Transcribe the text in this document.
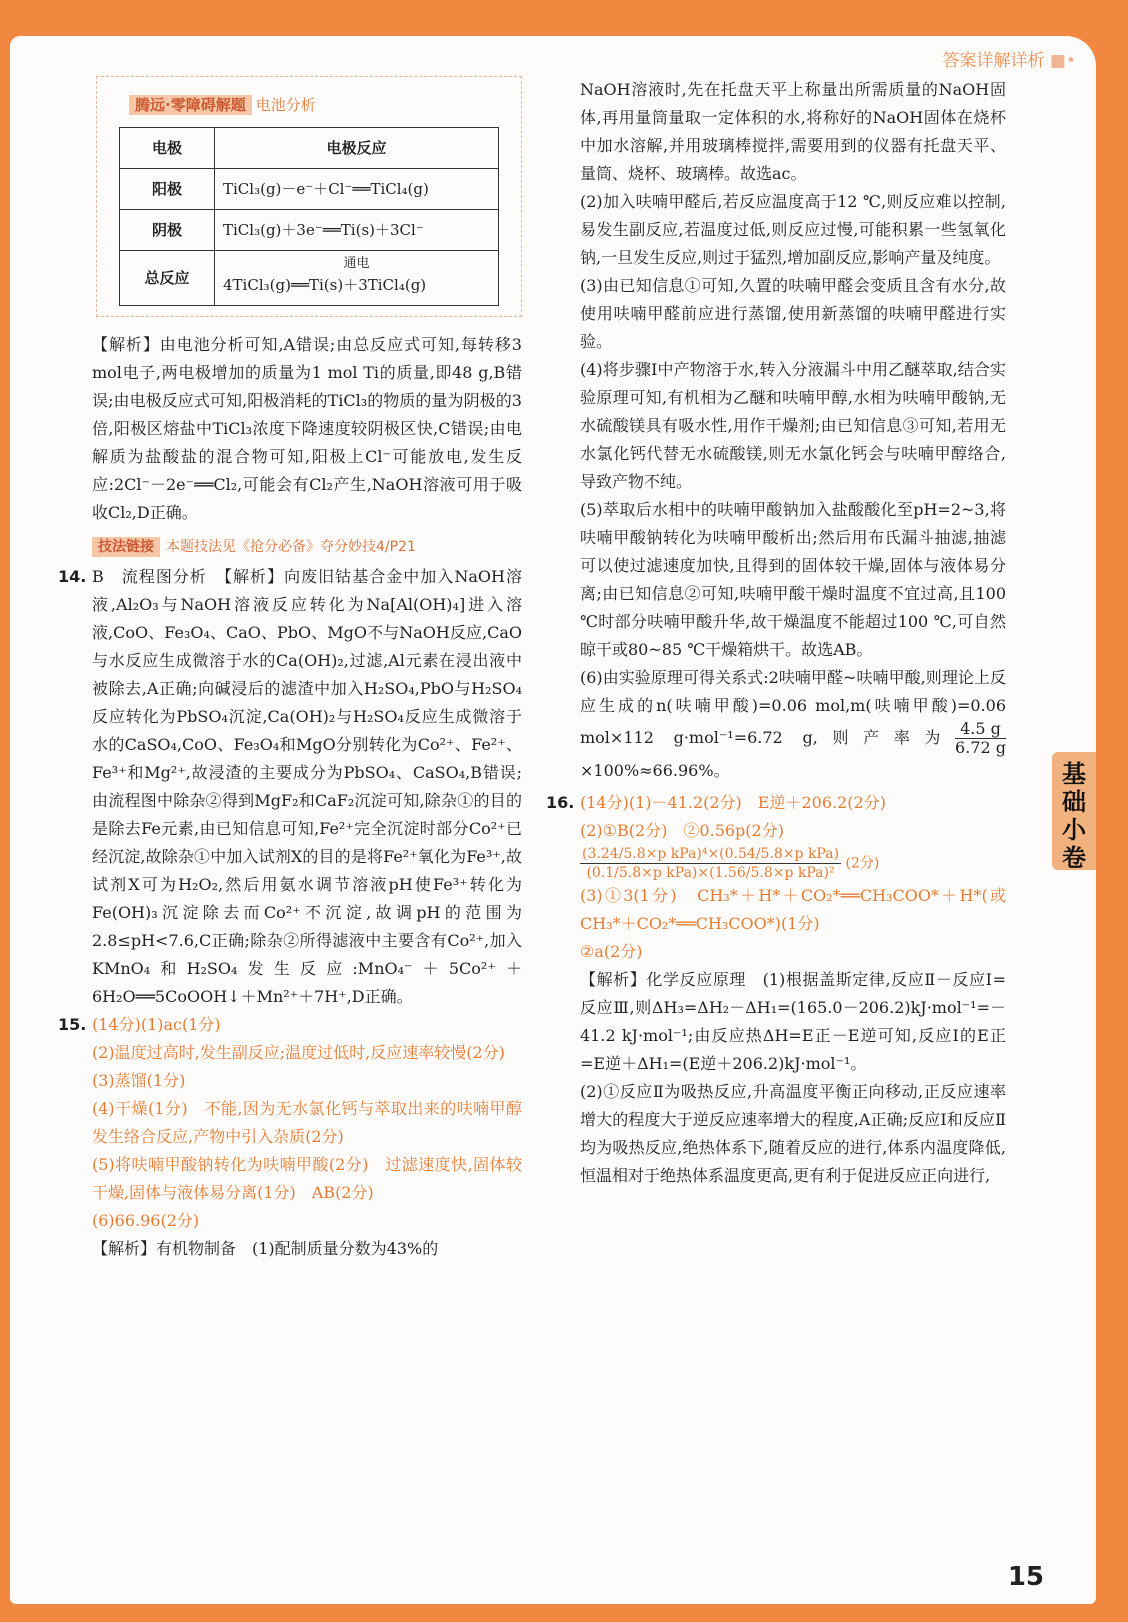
答案详解详析 ■•
基础小卷
腾远·零障碍解题 电池分析
电极	电极反应
阳极	TiCl₃(g)－e⁻＋Cl⁻══TiCl₄(g)
阴极	TiCl₃(g)＋3e⁻══Ti(s)＋3Cl⁻
总反应	通电
4TiCl₃(g)══Ti(s)＋3TiCl₄(g)

【解析】由电池分析可知,A错误;由总反应式可知,每转移3 mol电子,两电极增加的质量为1 mol Ti的质量,即48 g,B错误;由电极反应式可知,阳极消耗的TiCl₃的物质的量为阴极的3倍,阳极区熔盐中TiCl₃浓度下降速度较阴极区快,C错误;由电解质为盐酸盐的混合物可知,阳极上Cl⁻可能放电,发生反应:2Cl⁻－2e⁻══Cl₂,可能会有Cl₂产生,NaOH溶液可用于吸收Cl₂,D正确。

技法链接 本题技法见《抢分必备》夺分妙技4/P21

14. B　流程图分析　【解析】向废旧钴基合金中加入NaOH溶液,Al₂O₃与NaOH溶液反应转化为Na[Al(OH)₄]进入溶液,CoO、Fe₃O₄、CaO、PbO、MgO不与NaOH反应,CaO与水反应生成微溶于水的Ca(OH)₂,过滤,Al元素在浸出液中被除去,A正确;向碱浸后的滤渣中加入H₂SO₄,PbO与H₂SO₄反应转化为PbSO₄沉淀,Ca(OH)₂与H₂SO₄反应生成微溶于水的CaSO₄,CoO、Fe₃O₄和MgO分别转化为Co²⁺、Fe²⁺、Fe³⁺和Mg²⁺,故浸渣的主要成分为PbSO₄、CaSO₄,B错误;由流程图中除杂②得到MgF₂和CaF₂沉淀可知,除杂①的目的是除去Fe元素,由已知信息可知,Fe²⁺完全沉淀时部分Co²⁺已经沉淀,故除杂①中加入试剂X的目的是将Fe²⁺氧化为Fe³⁺,故试剂X可为H₂O₂,然后用氨水调节溶液pH使Fe³⁺转化为Fe(OH)₃沉淀除去而Co²⁺不沉淀,故调pH的范围为2.8≤pH<7.6,C正确;除杂②所得滤液中主要含有Co²⁺,加入KMnO₄和H₂SO₄发生反应:MnO₄⁻＋5Co²⁺＋6H₂O══5CoOOH↓＋Mn²⁺＋7H⁺,D正确。

15. (14分)(1)ac(1分)

(2)温度过高时,发生副反应;温度过低时,反应速率较慢(2分)

(3)蒸馏(1分)

(4)干燥(1分)　不能,因为无水氯化钙与萃取出来的呋喃甲醇发生络合反应,产物中引入杂质(2分)

(5)将呋喃甲酸钠转化为呋喃甲酸(2分)　过滤速度快,固体较干燥,固体与液体易分离(1分)　AB(2分)

(6)66.96(2分)

【解析】有机物制备　(1)配制质量分数为43%的

NaOH溶液时,先在托盘天平上称量出所需质量的NaOH固体,再用量筒量取一定体积的水,将称好的NaOH固体在烧杯中加水溶解,并用玻璃棒搅拌,需要用到的仪器有托盘天平、量筒、烧杯、玻璃棒。故选ac。

(2)加入呋喃甲醛后,若反应温度高于12 ℃,则反应难以控制,易发生副反应,若温度过低,则反应过慢,可能积累一些氢氧化钠,一旦发生反应,则过于猛烈,增加副反应,影响产量及纯度。

(3)由已知信息①可知,久置的呋喃甲醛会变质且含有水分,故使用呋喃甲醛前应进行蒸馏,使用新蒸馏的呋喃甲醛进行实验。

(4)将步骤Ⅰ中产物溶于水,转入分液漏斗中用乙醚萃取,结合实验原理可知,有机相为乙醚和呋喃甲醇,水相为呋喃甲酸钠,无水硫酸镁具有吸水性,用作干燥剂;由已知信息③可知,若用无水氯化钙代替无水硫酸镁,则无水氯化钙会与呋喃甲醇络合,导致产物不纯。

(5)萃取后水相中的呋喃甲酸钠加入盐酸酸化至pH=2~3,将呋喃甲酸钠转化为呋喃甲酸析出;然后用布氏漏斗抽滤,抽滤可以使过滤速度加快,且得到的固体较干燥,固体与液体易分离;由已知信息②可知,呋喃甲酸干燥时温度不宜过高,且100 ℃时部分呋喃甲酸升华,故干燥温度不能超过100 ℃,可自然晾干或80~85 ℃干燥箱烘干。故选AB。

(6)由实验原理可得关系式:2呋喃甲醛~呋喃甲酸,则理论上反应生成的n(呋喃甲酸)=0.06 mol,m(呋喃甲酸)=0.06 mol×112 g·mol⁻¹=6.72 g,则产率为 $\frac{4.5 g}{6.72 g}$
×100%≈66.96%。

16. (14分)(1)－41.2(2分)　E逆＋206.2(2分)

(2)①B(2分)　②0.56p(2分)

$\frac{\text{(3.24/5.8×p kPa)⁴×(0.54/5.8×p kPa)}}{\text{(0.1/5.8×p kPa)×(1.56/5.8×p kPa)²}} (2$分)

(3)①3(1分)　CH₃*＋H*＋CO₂*══CH₃COO*＋H*(或CH₃*＋CO₂*══CH₃COO*)(1分)

②a(2分)

【解析】化学反应原理　(1)根据盖斯定律,反应Ⅱ－反应Ⅰ=反应Ⅲ,则ΔH₃=ΔH₂－ΔH₁=(165.0－206.2)kJ·mol⁻¹=－41.2 kJ·mol⁻¹;由反应热ΔH=E正－E逆可知,反应Ⅰ的E正=E逆＋ΔH₁=(E逆＋206.2)kJ·mol⁻¹。

(2)①反应Ⅱ为吸热反应,升高温度平衡正向移动,正反应速率增大的程度大于逆反应速率增大的程度,A正确;反应Ⅰ和反应Ⅱ均为吸热反应,绝热体系下,随着反应的进行,体系内温度降低,恒温相对于绝热体系温度更高,更有利于促进反应正向进行,

15
